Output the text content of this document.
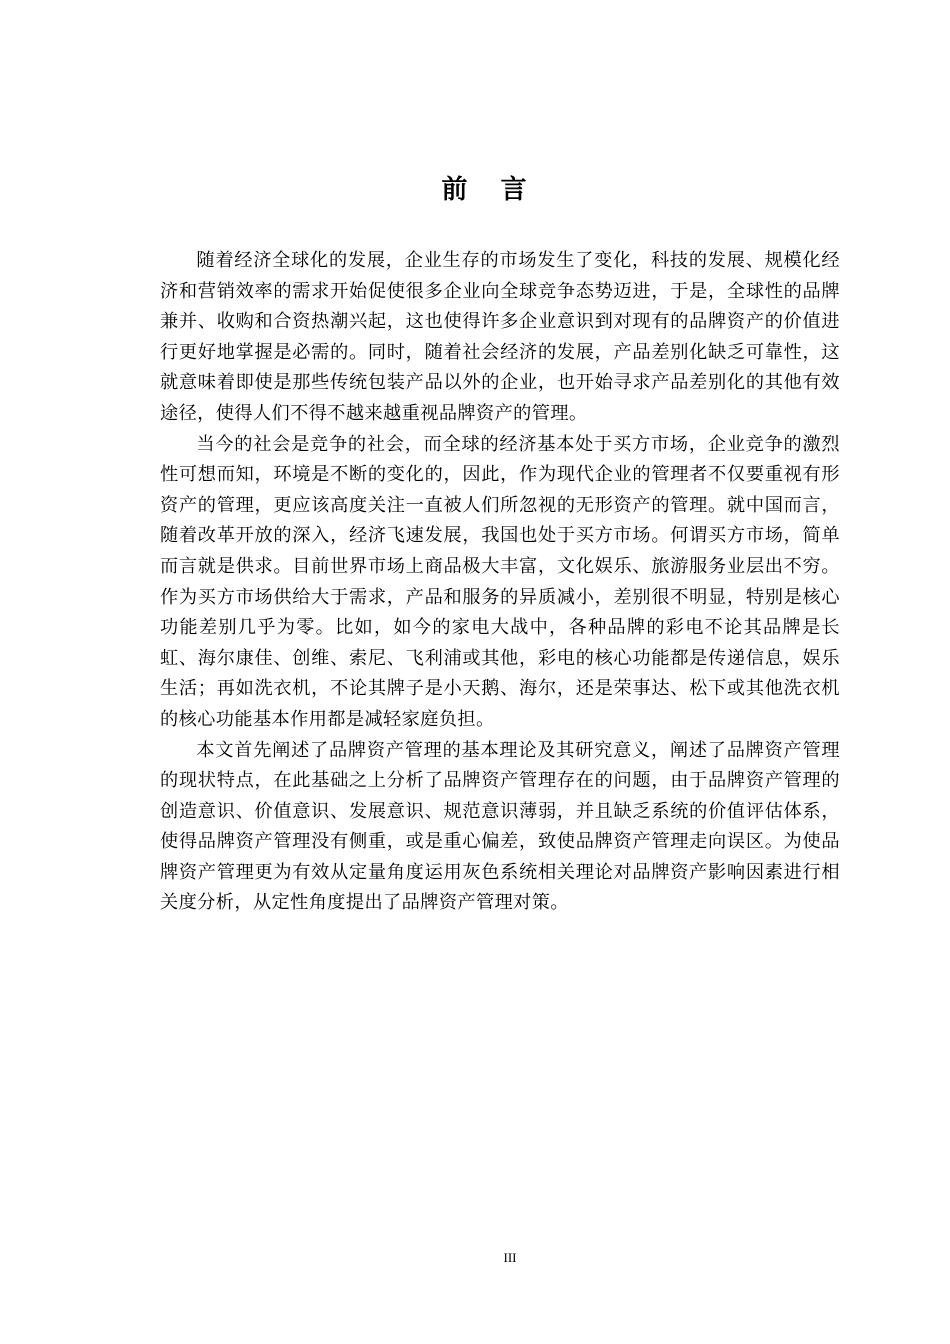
前 言

随着经济全球化的发展，企业生存的市场发生了变化，科技的发展、规模化经济和营销效率的需求开始促使很多企业向全球竞争态势迈进，于是，全球性的品牌兼并、收购和合资热潮兴起，这也使得许多企业意识到对现有的品牌资产的价值进行更好地掌握是必需的。同时，随着社会经济的发展，产品差别化缺乏可靠性，这就意味着即使是那些传统包装产品以外的企业，也开始寻求产品差别化的其他有效途径，使得人们不得不越来越重视品牌资产的管理。

当今的社会是竞争的社会，而全球的经济基本处于买方市场，企业竞争的激烈性可想而知，环境是不断的变化的，因此，作为现代企业的管理者不仅要重视有形资产的管理，更应该高度关注一直被人们所忽视的无形资产的管理。就中国而言，随着改革开放的深入，经济飞速发展，我国也处于买方市场。何谓买方市场，简单而言就是供求。目前世界市场上商品极大丰富，文化娱乐、旅游服务业层出不穷。作为买方市场供给大于需求，产品和服务的异质减小，差别很不明显，特别是核心功能差别几乎为零。比如，如今的家电大战中，各种品牌的彩电不论其品牌是长虹、海尔康佳、创维、索尼、飞利浦或其他，彩电的核心功能都是传递信息，娱乐生活；再如洗衣机，不论其牌子是小天鹅、海尔，还是荣事达、松下或其他洗衣机的核心功能基本作用都是减轻家庭负担。

本文首先阐述了品牌资产管理的基本理论及其研究意义，阐述了品牌资产管理的现状特点，在此基础之上分析了品牌资产管理存在的问题，由于品牌资产管理的创造意识、价值意识、发展意识、规范意识薄弱，并且缺乏系统的价值评估体系，使得品牌资产管理没有侧重，或是重心偏差，致使品牌资产管理走向误区。为使品牌资产管理更为有效从定量角度运用灰色系统相关理论对品牌资产影响因素进行相关度分析，从定性角度提出了品牌资产管理对策。

III
